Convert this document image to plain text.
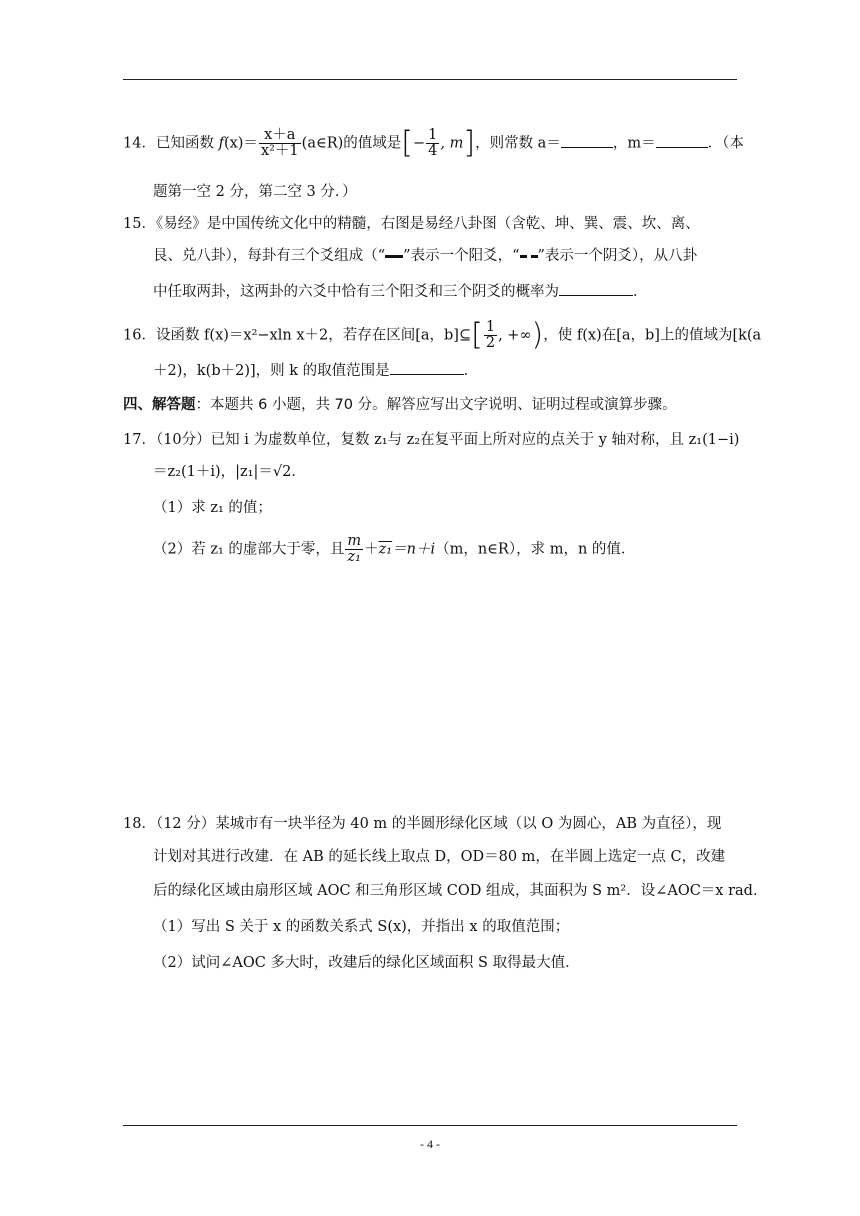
14．已知函数 $f(x)= \frac{x+a}{\text{x²＋1}}$ (a∈R)的值域是[− $\frac{1}{4}$ , m]，则常数 a＝	，m＝	．（本
题第一空 2 分，第二空 3 分．）
15．《易经》是中国传统文化中的精髓，右图是易经八卦图（含乾、坤、巽、震、坎、离、
艮、兑八卦），每卦有三个爻组成（“ ”表示一个阳爻，“ ”表示一个阴爻），从八卦
中任取两卦，这两卦的六爻中恰有三个阳爻和三个阴爻的概率为	．
16．设函数 f(x)＝x²−xln x＋2，若存在区间[a，b]⊆[ $\frac{1}{2}$ , +∞)，使 f(x)在[a，b]上的值域为[k(a
＋2)，k(b＋2)]，则 k 的取值范围是	．
四、解答题：本题共 6 小题，共 70 分。解答应写出文字说明、证明过程或演算步骤。
17．（10分）已知 i 为虚数单位，复数 z₁与 z₂在复平面上所对应的点关于 y 轴对称，且 z₁(1−i)
＝z₂(1＋i)，|z₁|＝√2．
（1）求 z₁ 的值；
（2）若 z₁ 的虚部大于零，且 $\frac{m}{\text{z₁}} +z_1=n+i(m$，n∈R），求 m，n 的值．
18．（12 分）某城市有一块半径为 40 m 的半圆形绿化区域（以 O 为圆心，AB 为直径），现
计划对其进行改建．在 AB 的延长线上取点 D，OD＝80 m，在半圆上选定一点 C，改建
后的绿化区域由扇形区域 AOC 和三角形区域 COD 组成，其面积为 S m²．设∠AOC＝x rad．
（1）写出 S 关于 x 的函数关系式 S(x)，并指出 x 的取值范围；
（2）试问∠AOC 多大时，改建后的绿化区域面积 S 取得最大值．
- 4 -
